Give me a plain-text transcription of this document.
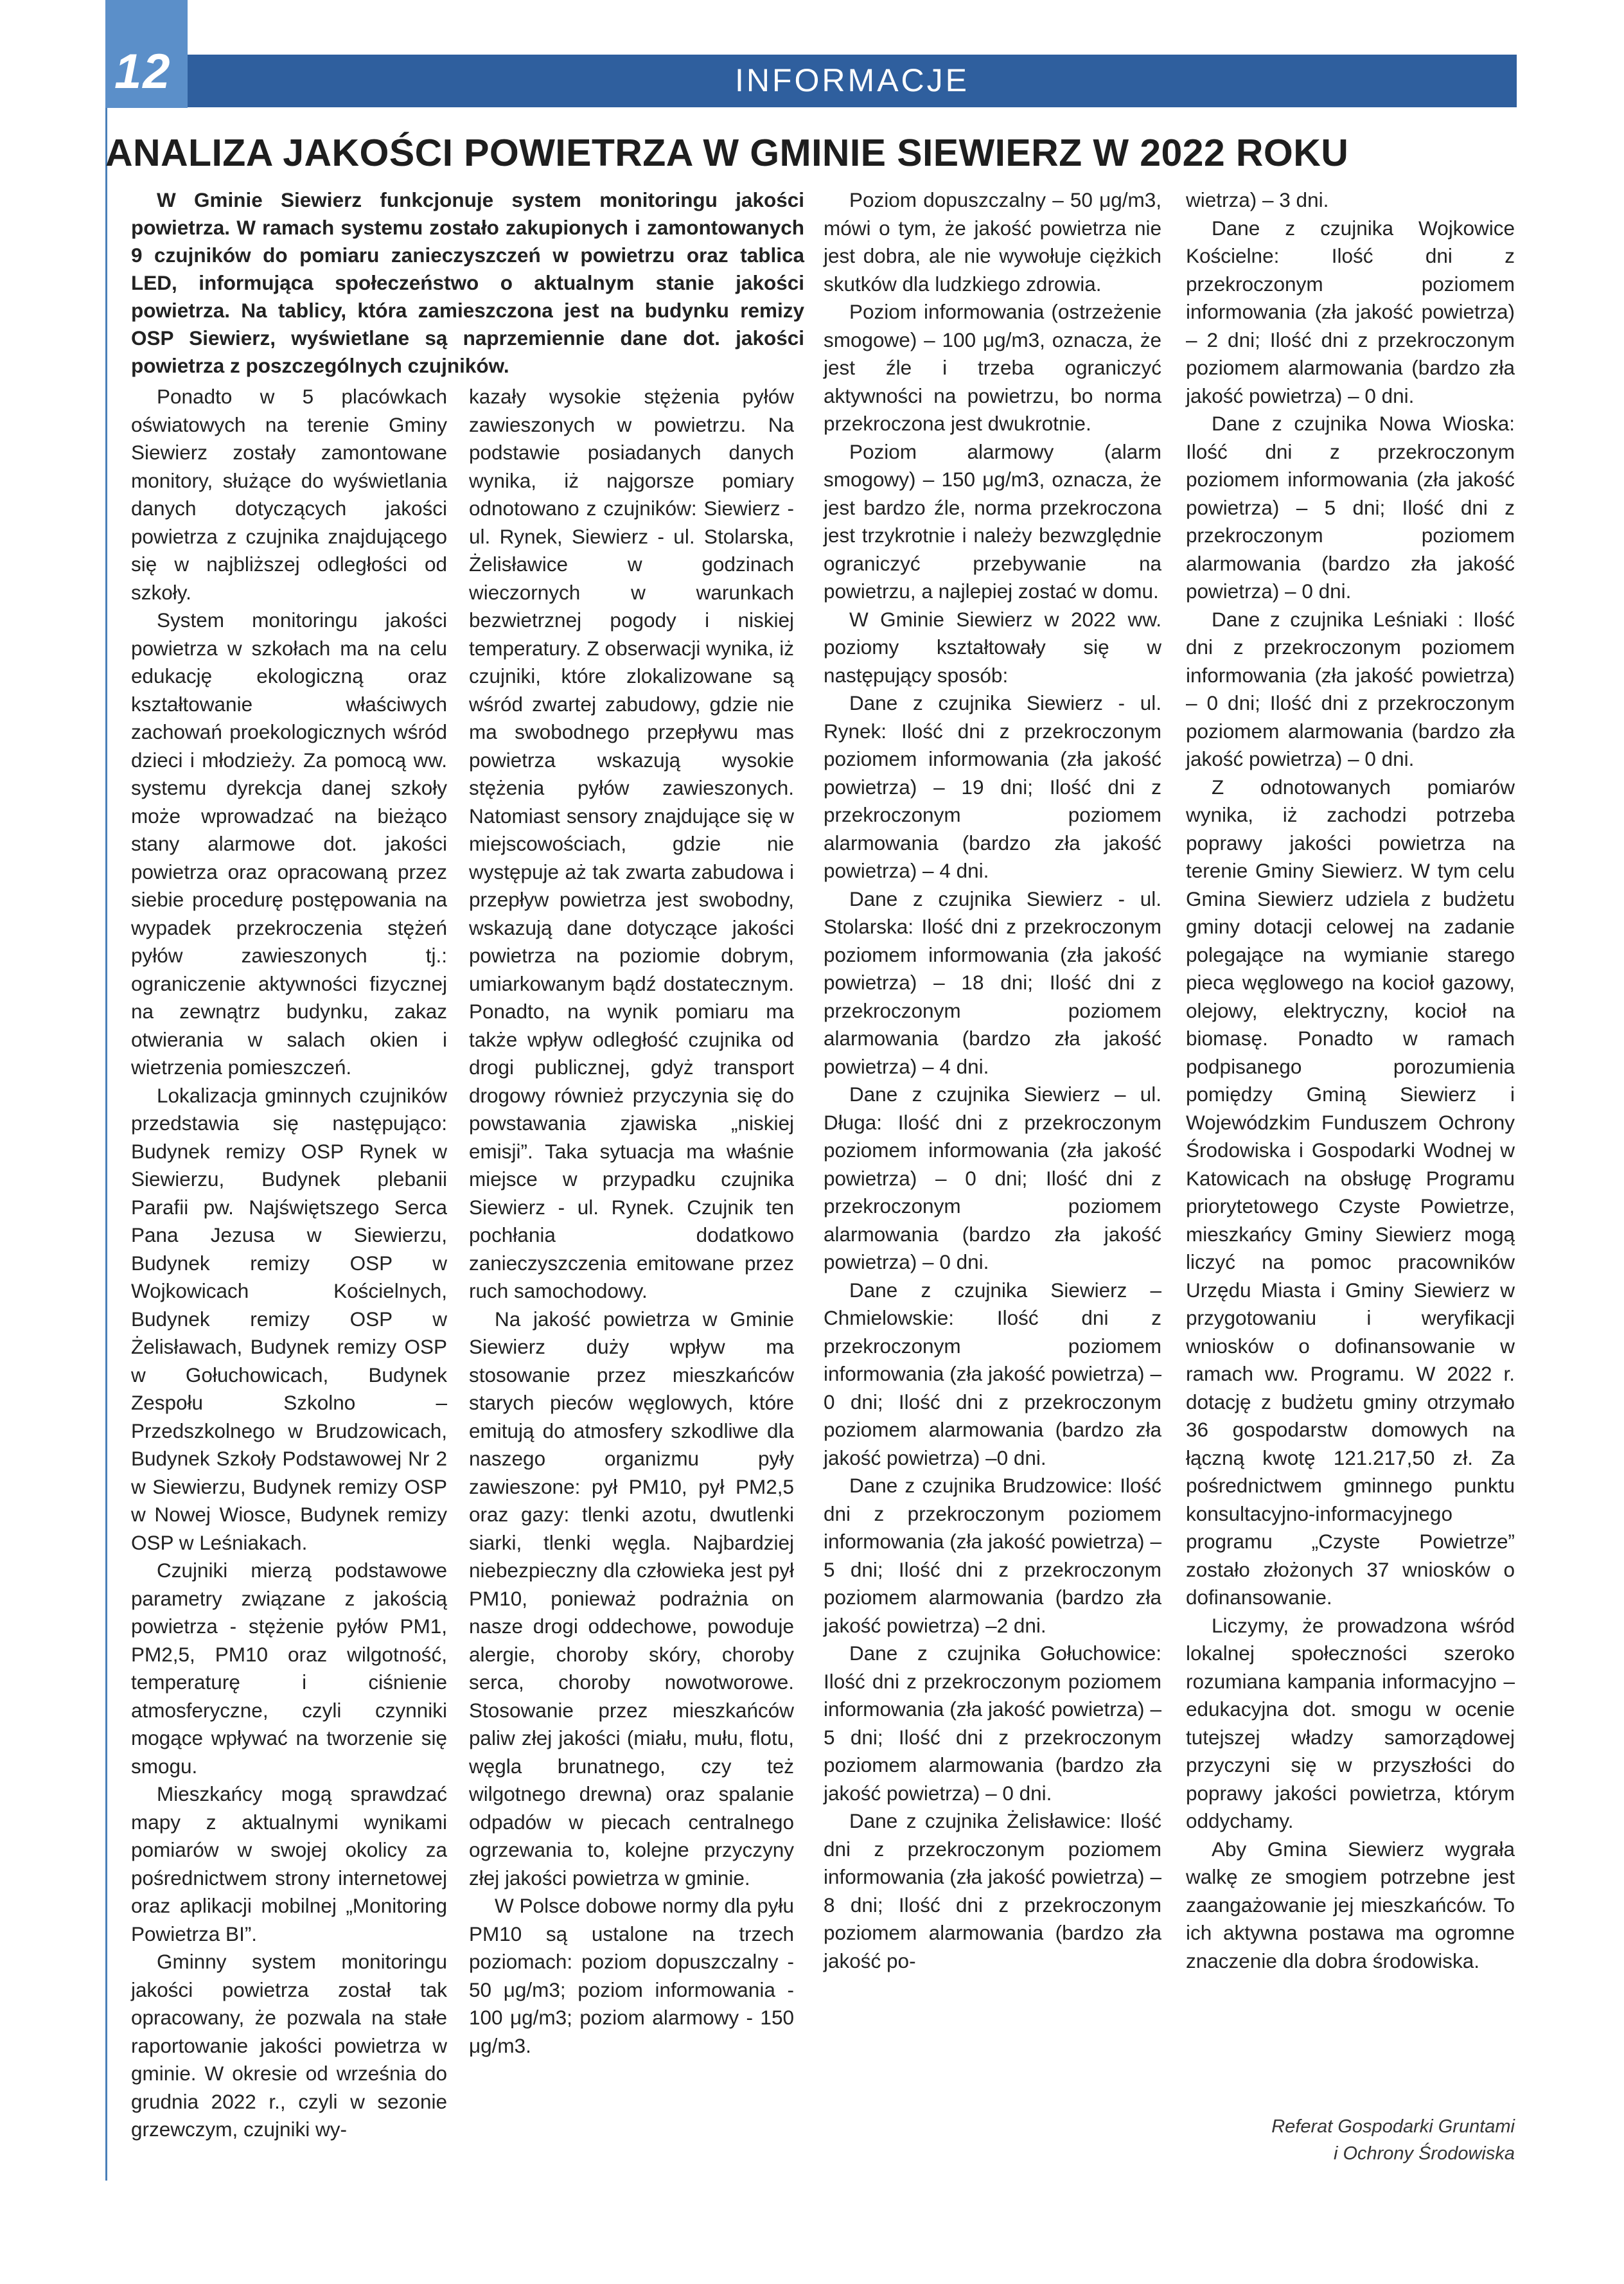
12	INFORMACJE
ANALIZA JAKOŚCI POWIETRZA W GMINIE SIEWIERZ W 2022 ROKU

W Gminie Siewierz funkcjonuje system monitoringu jakości powietrza. W ramach systemu zostało zakupionych i zamontowanych 9 czujników do pomiaru zanieczyszczeń w powietrzu oraz tablica LED, informująca społeczeństwo o aktualnym stanie jakości powietrza. Na tablicy, która zamieszczona jest na budynku remizy OSP Siewierz, wyświetlane są naprzemiennie dane dot. jakości powietrza z poszczególnych czujników.

Ponadto w 5 placówkach oświatowych na terenie Gminy Siewierz zostały zamontowane monitory, służące do wyświetlania danych dotyczących jakości powietrza z czujnika znajdującego się w najbliższej odległości od szkoły.

System monitoringu jakości powietrza w szkołach ma na celu edukację ekologiczną oraz kształtowanie właściwych zachowań proekologicznych wśród dzieci i młodzieży. Za pomocą ww. systemu dyrekcja danej szkoły może wprowadzać na bieżąco stany alarmowe dot. jakości powietrza oraz opracowaną przez siebie procedurę postępowania na wypadek przekroczenia stężeń pyłów zawieszonych tj.: ograniczenie aktywności fizycznej na zewnątrz budynku, zakaz otwierania w salach okien i wietrzenia pomieszczeń.

Lokalizacja gminnych czujników przedstawia się następująco: Budynek remizy OSP Rynek w Siewierzu, Budynek plebanii Parafii pw. Najświętszego Serca Pana Jezusa w Siewierzu, Budynek remizy OSP w Wojkowicach Kościelnych, Budynek remizy OSP w Żelisławach, Budynek remizy OSP w Gołuchowicach, Budynek Zespołu Szkolno – Przedszkolnego w Brudzowicach, Budynek Szkoły Podstawowej Nr 2 w Siewierzu, Budynek remizy OSP w Nowej Wiosce, Budynek remizy OSP w Leśniakach.

Czujniki mierzą podstawowe parametry związane z jakością powietrza - stężenie pyłów PM1, PM2,5, PM10 oraz wilgotność, temperaturę i ciśnienie atmosferyczne, czyli czynniki mogące wpływać na tworzenie się smogu.

Mieszkańcy mogą sprawdzać mapy z aktualnymi wynikami pomiarów w swojej okolicy za pośrednictwem strony internetowej oraz aplikacji mobilnej „Monitoring Powietrza BI”.

Gminny system monitoringu jakości powietrza został tak opracowany, że pozwala na stałe raportowanie jakości powietrza w gminie. W okresie od września do grudnia 2022 r., czyli w sezonie grzewczym, czujniki wy-

kazały wysokie stężenia pyłów zawieszonych w powietrzu. Na podstawie posiadanych danych wynika, iż najgorsze pomiary odnotowano z czujników: Siewierz -ul. Rynek, Siewierz - ul. Stolarska, Żelisławice w godzinach wieczornych w warunkach bezwietrznej pogody i niskiej temperatury. Z obserwacji wynika, iż czujniki, które zlokalizowane są wśród zwartej zabudowy, gdzie nie ma swobodnego przepływu mas powietrza wskazują wysokie stężenia pyłów zawieszonych. Natomiast sensory znajdujące się w miejscowościach, gdzie nie występuje aż tak zwarta zabudowa i przepływ powietrza jest swobodny, wskazują dane dotyczące jakości powietrza na poziomie dobrym, umiarkowanym bądź dostatecznym. Ponadto, na wynik pomiaru ma także wpływ odległość czujnika od drogi publicznej, gdyż transport drogowy również przyczynia się do powstawania zjawiska „niskiej emisji”. Taka sytuacja ma właśnie miejsce w przypadku czujnika Siewierz - ul. Rynek. Czujnik ten pochłania dodatkowo zanieczyszczenia emitowane przez ruch samochodowy.

Na jakość powietrza w Gminie Siewierz duży wpływ ma stosowanie przez mieszkańców starych pieców węglowych, które emitują do atmosfery szkodliwe dla naszego organizmu pyły zawieszone: pył PM10, pył PM2,5 oraz gazy: tlenki azotu, dwutlenki siarki, tlenki węgla. Najbardziej niebezpieczny dla człowieka jest pył PM10, ponieważ podrażnia on nasze drogi oddechowe, powoduje alergie, choroby skóry, choroby serca, choroby nowotworowe. Stosowanie przez mieszkańców paliw złej jakości (miału, mułu, flotu, węgla brunatnego, czy też wilgotnego drewna) oraz spalanie odpadów w piecach centralnego ogrzewania to, kolejne przyczyny złej jakości powietrza w gminie.

W Polsce dobowe normy dla pyłu PM10 są ustalone na trzech poziomach: poziom dopuszczalny - 50 μg/m3; poziom informowania - 100 μg/m3; poziom alarmowy - 150 μg/m3.

Poziom dopuszczalny – 50 μg/m3, mówi o tym, że jakość powietrza nie jest dobra, ale nie wywołuje ciężkich skutków dla ludzkiego zdrowia.

Poziom informowania (ostrzeżenie smogowe) – 100 μg/m3, oznacza, że jest źle i trzeba ograniczyć aktywności na powietrzu, bo norma przekroczona jest dwukrotnie.

Poziom alarmowy (alarm smogowy) – 150 μg/m3, oznacza, że jest bardzo źle, norma przekroczona jest trzykrotnie i należy bezwzględnie ograniczyć przebywanie na powietrzu, a najlepiej zostać w domu.

W Gminie Siewierz w 2022 ww. poziomy kształtowały się w następujący sposób:

Dane z czujnika Siewierz - ul. Rynek: Ilość dni z przekroczonym poziomem informowania (zła jakość powietrza) – 19 dni; Ilość dni z przekroczonym poziomem alarmowania (bardzo zła jakość powietrza) – 4 dni.

Dane z czujnika Siewierz - ul. Stolarska: Ilość dni z przekroczonym poziomem informowania (zła jakość powietrza) – 18 dni; Ilość dni z przekroczonym poziomem alarmowania (bardzo zła jakość powietrza) – 4 dni.

Dane z czujnika Siewierz – ul. Długa: Ilość dni z przekroczonym poziomem informowania (zła jakość powietrza) – 0 dni; Ilość dni z przekroczonym poziomem alarmowania (bardzo zła jakość powietrza) – 0 dni.

Dane z czujnika Siewierz –Chmielowskie: Ilość dni z przekroczonym poziomem informowania (zła jakość powietrza) – 0 dni; Ilość dni z przekroczonym poziomem alarmowania (bardzo zła jakość powietrza) –0 dni.

Dane z czujnika Brudzowice: Ilość dni z przekroczonym poziomem informowania (zła jakość powietrza) – 5 dni; Ilość dni z przekroczonym poziomem alarmowania (bardzo zła jakość powietrza) –2 dni.

Dane z czujnika Gołuchowice: Ilość dni z przekroczonym poziomem informowania (zła jakość powietrza) – 5 dni; Ilość dni z przekroczonym poziomem alarmowania (bardzo zła jakość powietrza) – 0 dni.

Dane z czujnika Żelisławice: Ilość dni z przekroczonym poziomem informowania (zła jakość powietrza) – 8 dni; Ilość dni z przekroczonym poziomem alarmowania (bardzo zła jakość po-

wietrza) – 3 dni.

Dane z czujnika Wojkowice Kościelne: Ilość dni z przekroczonym poziomem informowania (zła jakość powietrza) – 2 dni; Ilość dni z przekroczonym poziomem alarmowania (bardzo zła jakość powietrza) – 0 dni.

Dane z czujnika Nowa Wioska: Ilość dni z przekroczonym poziomem informowania (zła jakość powietrza) – 5 dni; Ilość dni z przekroczonym poziomem alarmowania (bardzo zła jakość powietrza) – 0 dni.

Dane z czujnika Leśniaki : Ilość dni z przekroczonym poziomem informowania (zła jakość powietrza) – 0 dni; Ilość dni z przekroczonym poziomem alarmowania (bardzo zła jakość powietrza) – 0 dni.

Z odnotowanych pomiarów wynika, iż zachodzi potrzeba poprawy jakości powietrza na terenie Gminy Siewierz. W tym celu Gmina Siewierz udziela z budżetu gminy dotacji celowej na zadanie polegające na wymianie starego pieca węglowego na kocioł gazowy, olejowy, elektryczny, kocioł na biomasę. Ponadto w ramach podpisanego porozumienia pomiędzy Gminą Siewierz i Wojewódzkim Funduszem Ochrony Środowiska i Gospodarki Wodnej w Katowicach na obsługę Programu priorytetowego Czyste Powietrze, mieszkańcy Gminy Siewierz mogą liczyć na pomoc pracowników Urzędu Miasta i Gminy Siewierz w przygotowaniu i weryfikacji wniosków o dofinansowanie w ramach ww. Programu. W 2022 r. dotację z budżetu gminy otrzymało 36 gospodarstw domowych na łączną kwotę 121.217,50 zł. Za pośrednictwem gminnego punktu konsultacyjno-informacyjnego programu „Czyste Powietrze” zostało złożonych 37 wniosków o dofinansowanie.

Liczymy, że prowadzona wśród lokalnej społeczności szeroko rozumiana kampania informacyjno – edukacyjna dot. smogu w ocenie tutejszej władzy samorządowej przyczyni się w przyszłości do poprawy jakości powietrza, którym oddychamy.

Aby Gmina Siewierz wygrała walkę ze smogiem potrzebne jest zaangażowanie jej mieszkańców. To ich aktywna postawa ma ogromne znaczenie dla dobra środowiska.

Referat Gospodarki Gruntami
i Ochrony Środowiska
